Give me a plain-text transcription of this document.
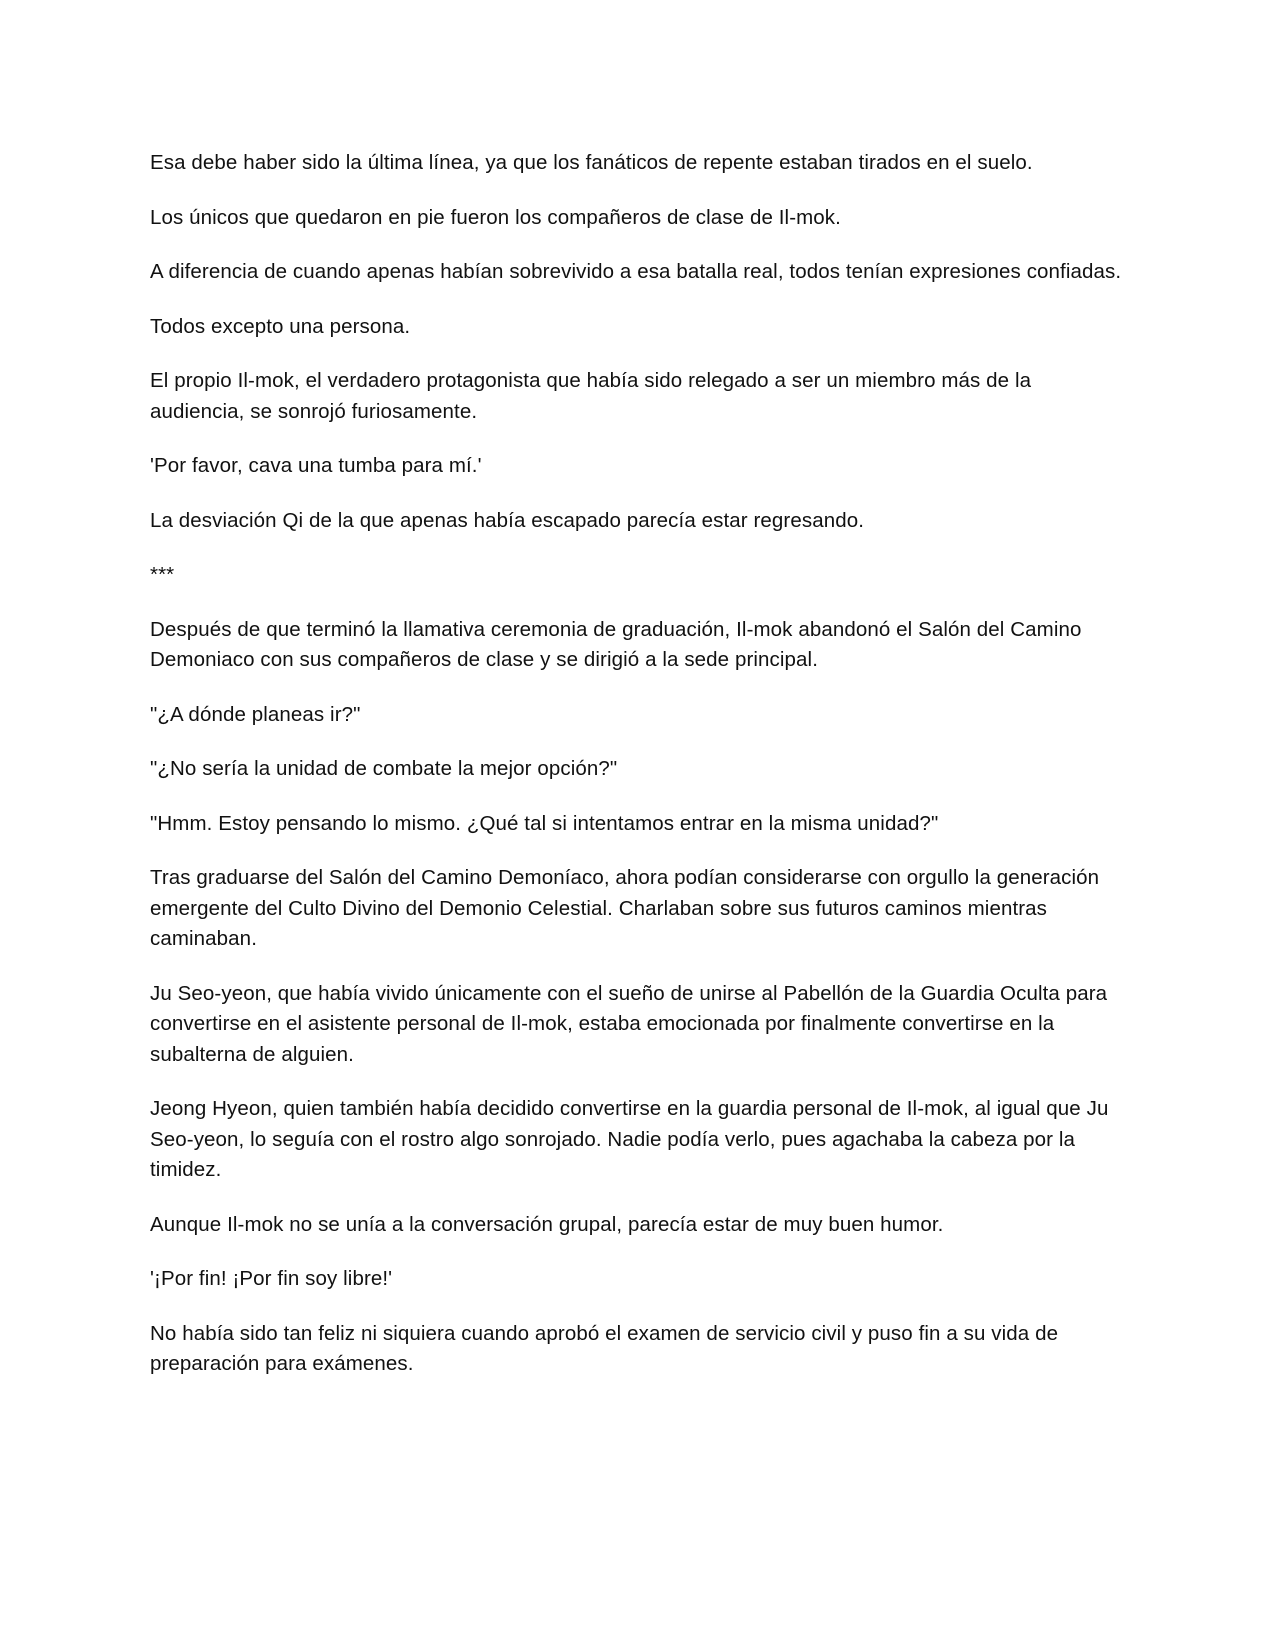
Esa debe haber sido la última línea, ya que los fanáticos de repente estaban tirados en el suelo.

Los únicos que quedaron en pie fueron los compañeros de clase de Il-mok.

A diferencia de cuando apenas habían sobrevivido a esa batalla real, todos tenían expresiones confiadas.

Todos excepto una persona.

El propio Il-mok, el verdadero protagonista que había sido relegado a ser un miembro más de la audiencia, se sonrojó furiosamente.

'Por favor, cava una tumba para mí.'

La desviación Qi de la que apenas había escapado parecía estar regresando.

***

Después de que terminó la llamativa ceremonia de graduación, Il-mok abandonó el Salón del Camino Demoniaco con sus compañeros de clase y se dirigió a la sede principal.

"¿A dónde planeas ir?"

"¿No sería la unidad de combate la mejor opción?"

"Hmm. Estoy pensando lo mismo. ¿Qué tal si intentamos entrar en la misma unidad?"

Tras graduarse del Salón del Camino Demoníaco, ahora podían considerarse con orgullo la generación emergente del Culto Divino del Demonio Celestial. Charlaban sobre sus futuros caminos mientras caminaban.

Ju Seo-yeon, que había vivido únicamente con el sueño de unirse al Pabellón de la Guardia Oculta para convertirse en el asistente personal de Il-mok, estaba emocionada por finalmente convertirse en la subalterna de alguien.

Jeong Hyeon, quien también había decidido convertirse en la guardia personal de Il-mok, al igual que Ju Seo-yeon, lo seguía con el rostro algo sonrojado. Nadie podía verlo, pues agachaba la cabeza por la timidez.

Aunque Il-mok no se unía a la conversación grupal, parecía estar de muy buen humor.

'¡Por fin! ¡Por fin soy libre!'

No había sido tan feliz ni siquiera cuando aprobó el examen de servicio civil y puso fin a su vida de preparación para exámenes.
